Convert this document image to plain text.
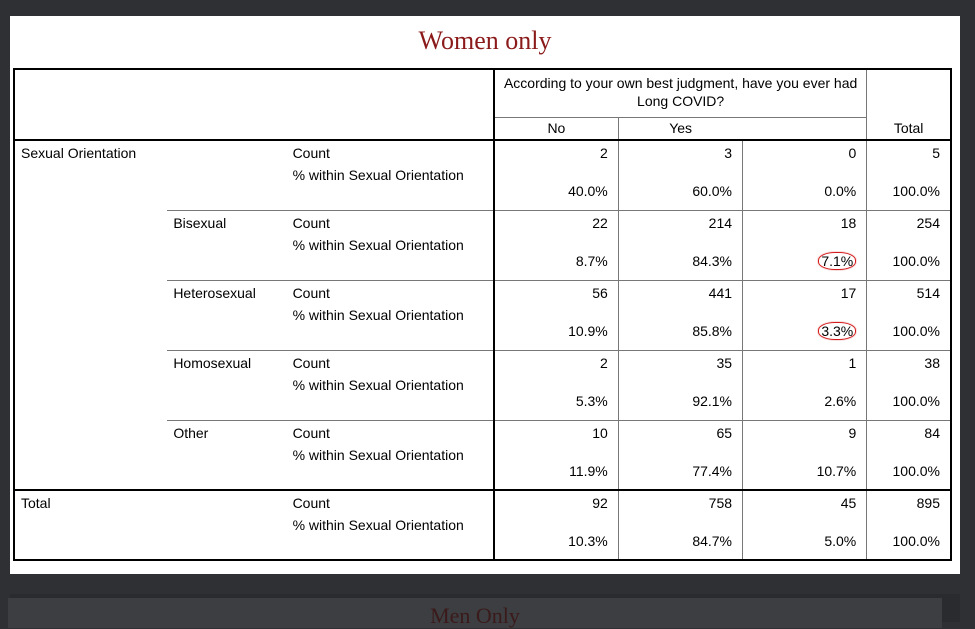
Women only
			According to your own best judgment, have you ever had Long COVID?			Total
			No	Yes		
Sexual Orientation		Count	2	3	0	5
		% within Sexual Orientation	40.0%	60.0%	0.0%	100.0%
	Bisexual	Count	22	214	18	254
		% within Sexual Orientation	8.7%	84.3%	7.1%	100.0%
	Heterosexual	Count	56	441	17	514
		% within Sexual Orientation	10.9%	85.8%	3.3%	100.0%
	Homosexual	Count	2	35	1	38
		% within Sexual Orientation	5.3%	92.1%	2.6%	100.0%
	Other	Count	10	65	9	84
		% within Sexual Orientation	11.9%	77.4%	10.7%	100.0%
Total		Count	92	758	45	895
		% within Sexual Orientation	10.3%	84.7%	5.0%	100.0%
Men Only
